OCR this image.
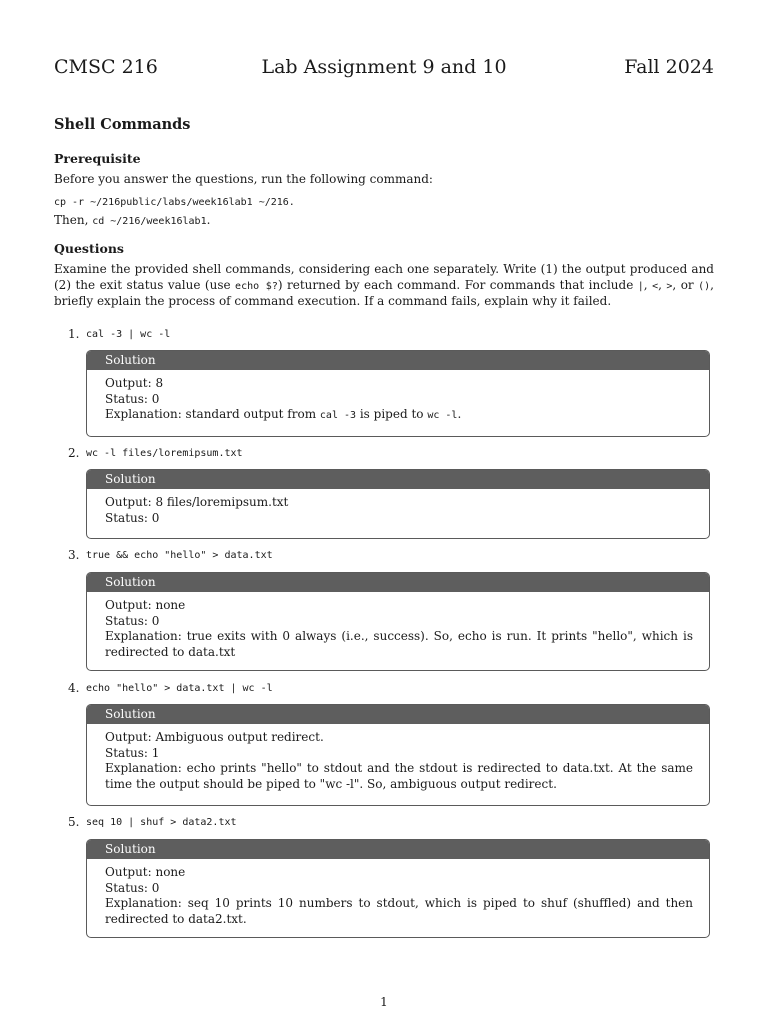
CMSC 216	Lab Assignment 9 and 10	Fall 2024
Shell Commands
Prerequisite
Before you answer the questions, run the following command:
cp -r ~/216public/labs/week16lab1 ~/216.
Then, cd ~/216/week16lab1.
Questions
Examine the provided shell commands, considering each one separately. Write (1) the output produced and (2) the exit status value (use echo $?) returned by each command. For commands that include |, <, >, or (), briefly explain the process of command execution. If a command fails, explain why it failed.
1. cal -3 | wc -l
Solution
Output: 8
Status: 0
Explanation: standard output from cal -3 is piped to wc -l.
2. wc -l files/loremipsum.txt
Solution
Output: 8 files/loremipsum.txt
Status: 0
3. true && echo "hello" > data.txt
Solution
Output: none
Status: 0
Explanation: true exits with 0 always (i.e., success). So, echo is run. It prints "hello", which is redirected to data.txt
4. echo "hello" > data.txt | wc -l
Solution
Output: Ambiguous output redirect.
Status: 1
Explanation: echo prints "hello" to stdout and the stdout is redirected to data.txt. At the same time the output should be piped to "wc -l". So, ambiguous output redirect.
5. seq 10 | shuf > data2.txt
Solution
Output: none
Status: 0
Explanation: seq 10 prints 10 numbers to stdout, which is piped to shuf (shuffled) and then redirected to data2.txt.
1
